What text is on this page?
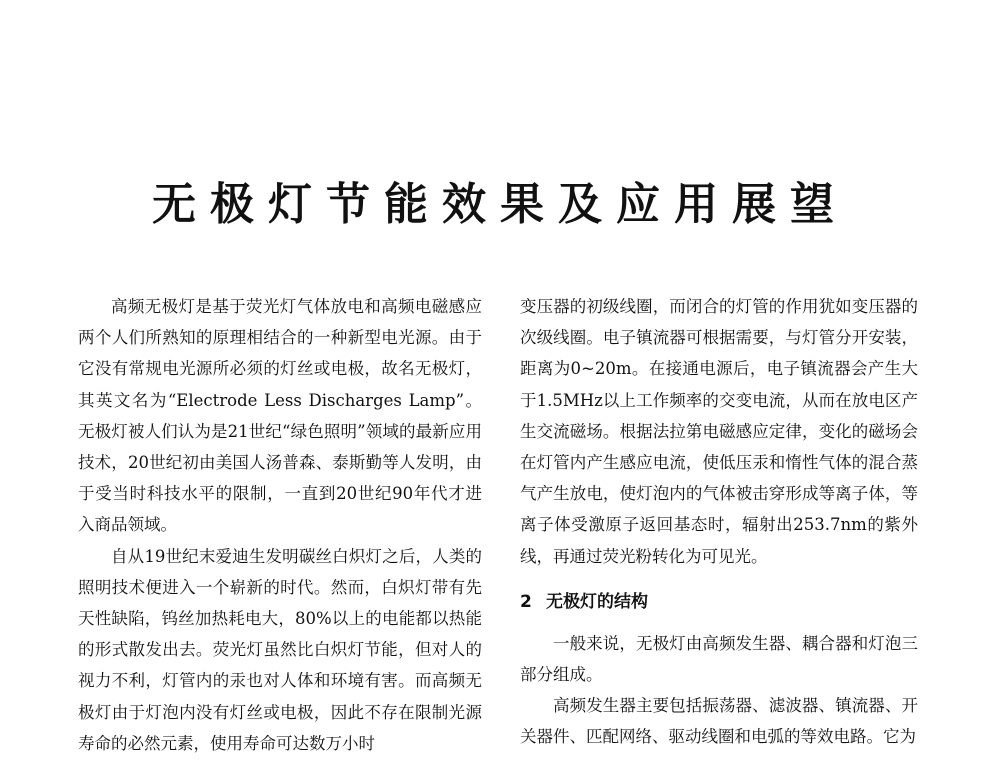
无极灯节能效果及应用展望

高频无极灯是基于荧光灯气体放电和高频电磁感应两个人们所熟知的原理相结合的一种新型电光源。由于它没有常规电光源所必须的灯丝或电极，故名无极灯，其英文名为“Electrode Less Discharges Lamp”。无极灯被人们认为是21世纪“绿色照明”领域的最新应用技术，20世纪初由美国人汤普森、泰斯勤等人发明，由于受当时科技水平的限制，一直到20世纪90年代才进入商品领域。

自从19世纪末爱迪生发明碳丝白炽灯之后，人类的照明技术便进入一个崭新的时代。然而，白炽灯带有先天性缺陷，钨丝加热耗电大，80%以上的电能都以热能的形式散发出去。荧光灯虽然比白炽灯节能，但对人的视力不利，灯管内的汞也对人体和环境有害。而高频无极灯由于灯泡内没有灯丝或电极，因此不存在限制光源寿命的必然元素，使用寿命可达数万小时

变压器的初级线圈，而闭合的灯管的作用犹如变压器的次级线圈。电子镇流器可根据需要，与灯管分开安装，距离为0~20m。在接通电源后，电子镇流器会产生大于1.5MHz以上工作频率的交变电流，从而在放电区产生交流磁场。根据法拉第电磁感应定律，变化的磁场会在灯管内产生感应电流，使低压汞和惰性气体的混合蒸气产生放电，使灯泡内的气体被击穿形成等离子体，等离子体受激原子返回基态时，辐射出253.7nm的紫外线，再通过荧光粉转化为可见光。

2 无极灯的结构

一般来说，无极灯由高频发生器、耦合器和灯泡三部分组成。

高频发生器主要包括振荡器、滤波器、镇流器、开关器件、匹配网络、驱动线圈和电弧的等效电路。它为
